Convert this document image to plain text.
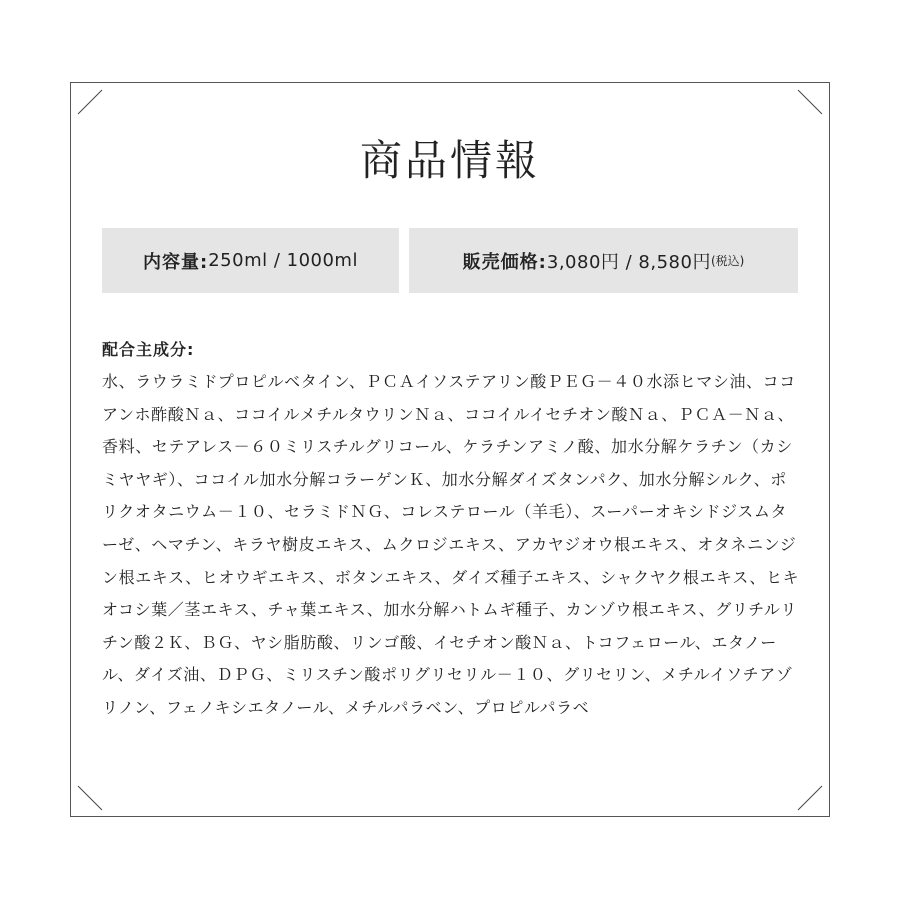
商品情報
内容量: 250ml / 1000ml	販売価格: 3,080円 / 8,580円 (税込)

配合主成分:

水、ラウラミドプロピルベタイン、ＰＣＡイソステアリン酸ＰＥＧ－４０水添ヒマシ油、ココアンホ酢酸Ｎａ、ココイルメチルタウリンＮａ、ココイルイセチオン酸Ｎａ、ＰＣＡ－Ｎａ、香料、セテアレス－６０ミリスチルグリコール、ケラチンアミノ酸、加水分解ケラチン（カシミヤヤギ）、ココイル加水分解コラーゲンＫ、加水分解ダイズタンパク、加水分解シルク、ポリクオタニウム－１０、セラミドＮＧ、コレステロール（羊毛）、スーパーオキシドジスムターゼ、ヘマチン、キラヤ樹皮エキス、ムクロジエキス、アカヤジオウ根エキス、オタネニンジン根エキス、ヒオウギエキス、ボタンエキス、ダイズ種子エキス、シャクヤク根エキス、ヒキオコシ葉／茎エキス、チャ葉エキス、加水分解ハトムギ種子、カンゾウ根エキス、グリチルリチン酸２Ｋ、ＢＧ、ヤシ脂肪酸、リンゴ酸、イセチオン酸Ｎａ、トコフェロール、エタノール、ダイズ油、ＤＰＧ、ミリスチン酸ポリグリセリル－１０、グリセリン、メチルイソチアゾリノン、フェノキシエタノール、メチルパラベン、プロピルパラベ
